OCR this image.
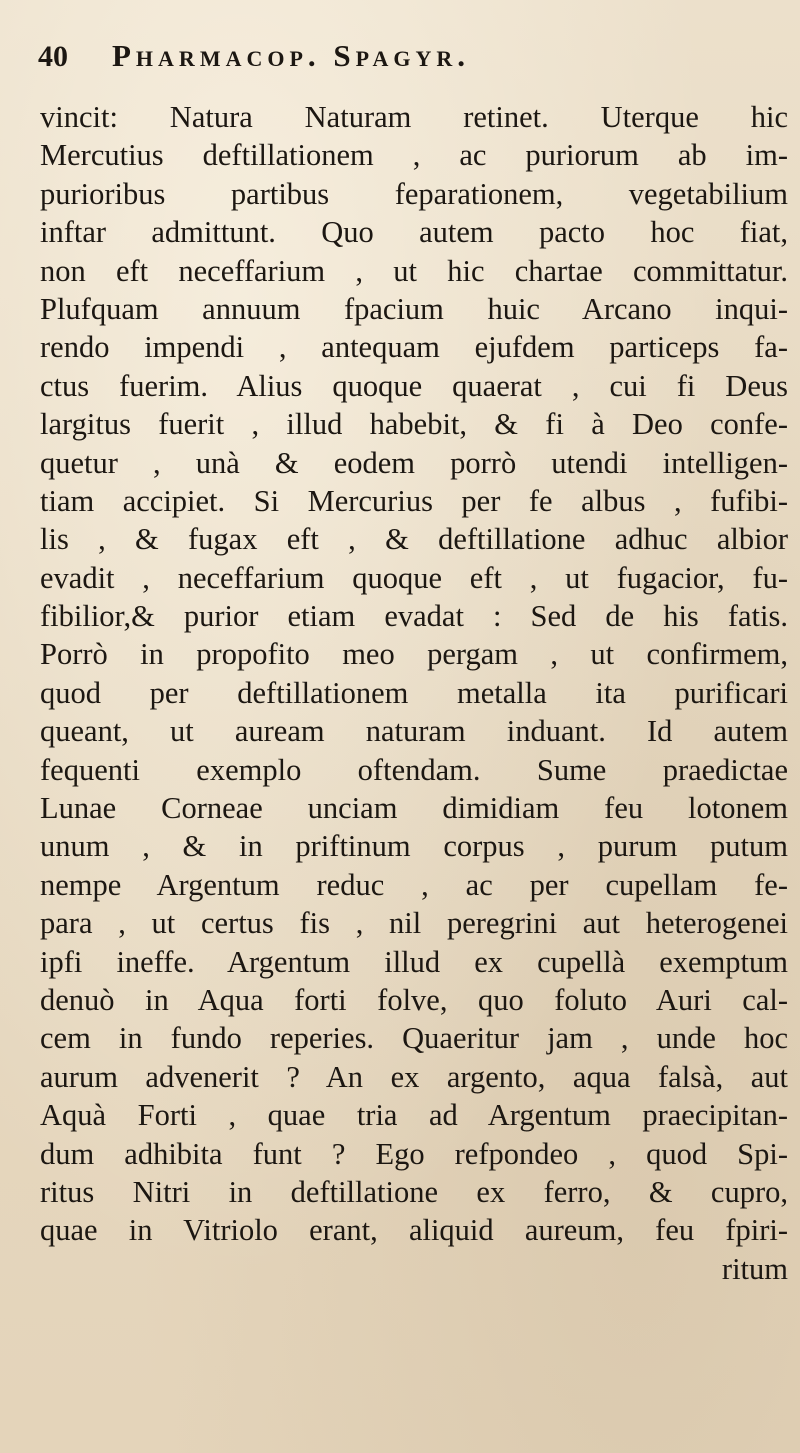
40 Pharmacop. Spagyr.
vincit: Natura Naturam retinet. Uterque hic
Mercutius deftillationem , ac puriorum ab im-
purioribus partibus feparationem, vegetabilium
inftar admittunt. Quo autem pacto hoc fiat,
non eft neceffarium , ut hic chartae committatur.
Plufquam annuum fpacium huic Arcano inqui-
rendo impendi , antequam ejufdem particeps fa-
ctus fuerim. Alius quoque quaerat , cui fi Deus
largitus fuerit , illud habebit, & fi à Deo confe-
quetur , unà & eodem porrò utendi intelligen-
tiam accipiet. Si Mercurius per fe albus , fufibi-
lis , & fugax eft , & deftillatione adhuc albior
evadit , neceffarium quoque eft , ut fugacior, fu-
fibilior,& purior etiam evadat : Sed de his fatis.
Porrò in propofito meo pergam , ut confirmem,
quod per deftillationem metalla ita purificari
queant, ut auream naturam induant. Id autem
fequenti exemplo oftendam. Sume praedictae
Lunae Corneae unciam dimidiam feu lotonem
unum , & in priftinum corpus , purum putum
nempe Argentum reduc , ac per cupellam fe-
para , ut certus fis , nil peregrini aut heterogenei
ipfi ineffe. Argentum illud ex cupellà exemptum
denuò in Aqua forti folve, quo foluto Auri cal-
cem in fundo reperies. Quaeritur jam , unde hoc
aurum advenerit ? An ex argento, aqua falsà, aut
Aquà Forti , quae tria ad Argentum praecipitan-
dum adhibita funt ? Ego refpondeo , quod Spi-
ritus Nitri in deftillatione ex ferro, & cupro,
quae in Vitriolo erant, aliquid aureum, feu fpiri-
ritum
